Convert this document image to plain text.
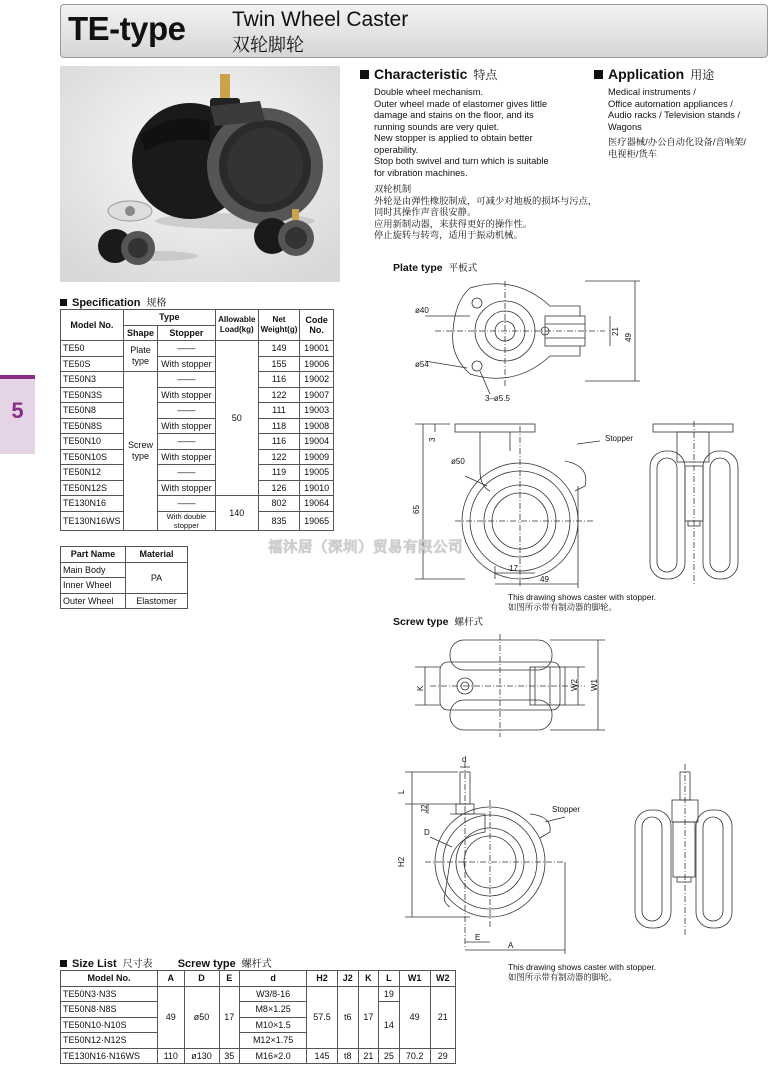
TE-type Twin Wheel Caster
双轮脚轮
5
Characteristic 特点
Double wheel mechanism.
Outer wheel made of elastomer gives little
damage and stains on the floor, and its
running sounds are very quiet.
New stopper is applied to obtain better
operability.
Stop both swivel and turn which is suitable
for vibration machines.
双轮机制
外轮是由弹性橡胶制成，可减少对地板的损坏与污点，
同时其操作声音很安静。
应用新制动器，来获得更好的操作性。
停止旋转与转弯，适用于振动机械。
Application 用途
Medical instruments /
Office automation appliances /
Audio racks / Television stands /
Wagons
医疗器械/办公自动化设备/音响架/
电视柜/货车
Specification 规格
Model No.	Type		Allowable Load(kg)	Net Weight(g)	Code No.
	Shape	Stopper			
TE50	Plate type	——	50	149	19001
TE50S		With stopper		155	19006
TE50N3	Screw type	——		116	19002
TE50N3S		With stopper		122	19007
TE50N8		——		111	19003
TE50N8S		With stopper		118	19008
TE50N10		——		116	19004
TE50N10S		With stopper		122	19009
TE50N12		——		119	19005
TE50N12S		With stopper		126	19010
TE130N16		——	140	802	19064
TE130N16WS		With double stopper		835	19065
Part Name	Material
Main Body	PA
Inner Wheel	
Outer Wheel	Elastomer
Plate type 平板式
ø40
ø54
3–ø5.5
21
49
Stopper
3
ø50
65
17
49
This drawing shows caster with stopper.
如图所示带有制动器的脚轮。
Screw type 螺杆式
K	W2 W1
d
L
J2
D
H2
E
A
Stopper
This drawing shows caster with stopper.
如图所示带有制动器的脚轮。
福沐居（深圳）贸易有限公司
Size List 尺寸表 Screw type 螺杆式
Model No.	A	D	E	d	H2	J2	K	L	W1	W2
TE50N3·N3S	49	ø50	17	W3/8-16	57.5	t6	17	19	49	21
TE50N8·N8S				M8×1.25				14		
TE50N10·N10S				M10×1.5						
TE50N12·N12S				M12×1.75						
TE130N16·N16WS	110	ø130	35	M16×2.0	145	t8	21	25	70.2	29
